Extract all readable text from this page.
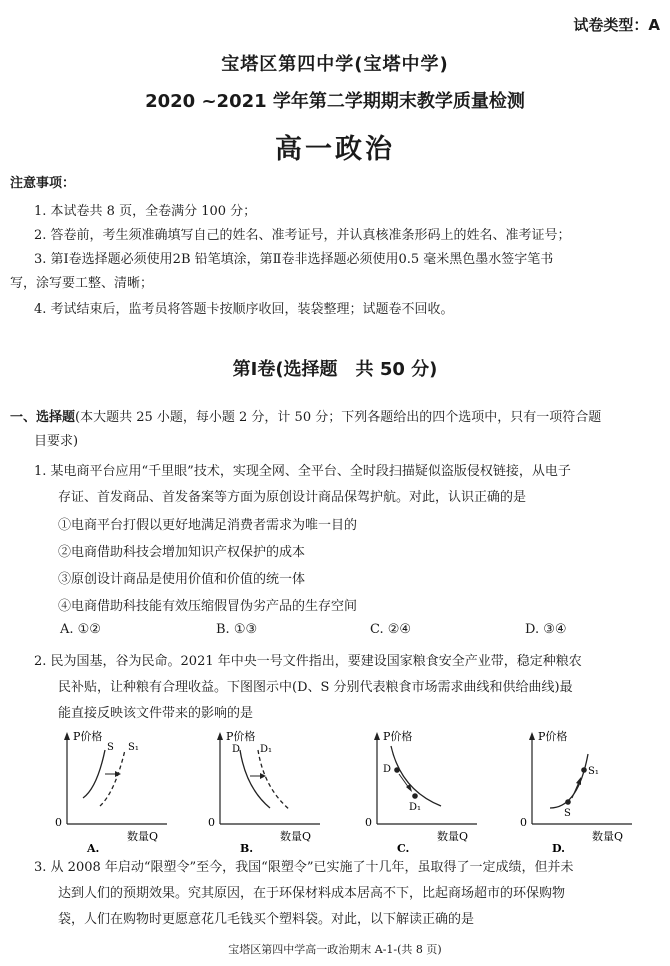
试卷类型：A
宝塔区第四中学(宝塔中学)
2020 ~2021 学年第二学期期末教学质量检测
高一政治
注意事项：
1. 本试卷共 8 页，全卷满分 100 分；
2. 答卷前，考生须准确填写自己的姓名、准考证号，并认真核准条形码上的姓名、准考证号；
3. 第Ⅰ卷选择题必须使用2B 铅笔填涂，第Ⅱ卷非选择题必须使用0.5 毫米黑色墨水签字笔书
写，涂写要工整、清晰；
4. 考试结束后，监考员将答题卡按顺序收回，装袋整理；试题卷不回收。
第Ⅰ卷(选择题　共 50 分)
一、选择题(本大题共 25 小题，每小题 2 分，计 50 分；下列各题给出的四个选项中，只有一项符合题
目要求)
1. 某电商平台应用“千里眼”技术，实现全网、全平台、全时段扫描疑似盗版侵权链接，从电子
存证、首发商品、首发备案等方面为原创设计商品保驾护航。对此，认识正确的是
①电商平台打假以更好地满足消费者需求为唯一目的
②电商借助科技会增加知识产权保护的成本
③原创设计商品是使用价值和价值的统一体
④电商借助科技能有效压缩假冒伪劣产品的生存空间
A. ①②	B. ①③	C. ②④	D. ③④
2. 民为国基，谷为民命。2021 年中央一号文件指出，要建设国家粮食安全产业带，稳定种粮农
民补贴，让种粮有合理收益。下图图示中(D、S 分别代表粮食市场需求曲线和供给曲线)最
能直接反映该文件带来的影响的是
P价格
0
数量Q
A.
S S₁
P价格
0
数量Q
B.
D D₁
P价格
0
数量Q
C.
D
D₁
P价格
0
数量Q
D.
S
S₁
3. 从 2008 年启动“限塑令”至今，我国“限塑令”已实施了十几年，虽取得了一定成绩，但并未
达到人们的预期效果。究其原因，在于环保材料成本居高不下，比起商场超市的环保购物
袋，人们在购物时更愿意花几毛钱买个塑料袋。对此，以下解读正确的是
宝塔区第四中学高一政治期末 A-1-(共 8 页)
